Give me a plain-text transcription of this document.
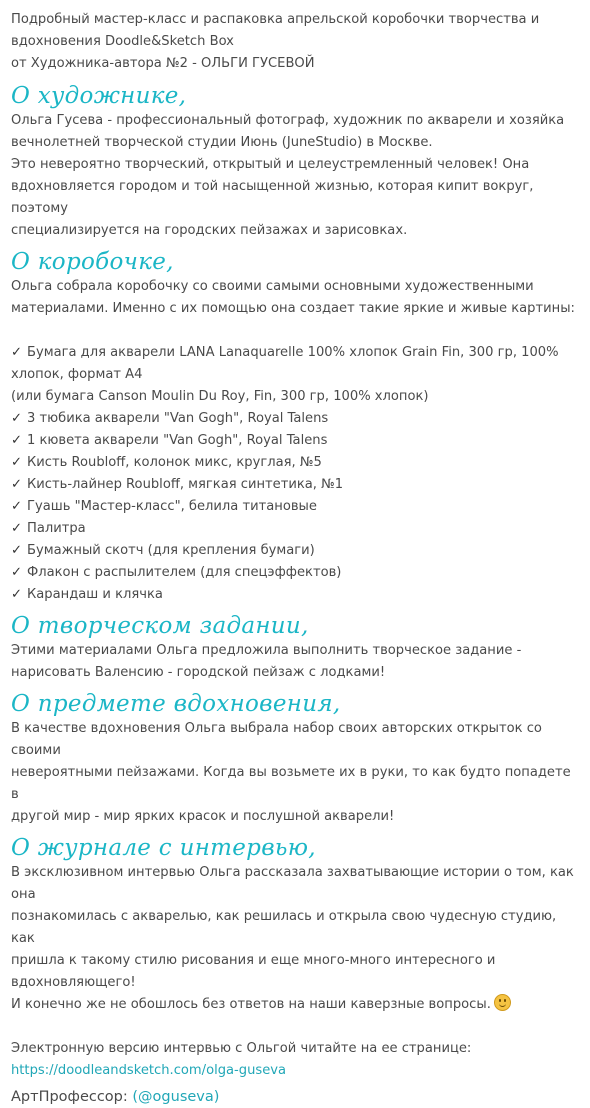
Подробный мастер-класс и распаковка апрельской коробочки творчества и

вдохновения Doodle&Sketch Box

от Художника-автора №2 - ОЛЬГИ ГУСЕВОЙ

О художнике,

Ольга Гусева - профессиональный фотограф, художник по акварели и хозяйка

вечнолетней творческой студии Июнь (JuneStudio) в Москве.

Это невероятно творческий, открытый и целеустремленный человек! Она

вдохновляется городом и той насыщенной жизнью, которая кипит вокруг, поэтому

специализируется на городских пейзажах и зарисовках.

О коробочке,

Ольга собрала коробочку со своими самыми основными художественными

материалами. Именно с их помощью она создает такие яркие и живые картины:

✓ Бумага для акварели LANA Lanaquarelle 100% хлопок Grain Fin, 300 гр, 100%

хлопок, формат А4

(или бумага Canson Moulin Du Roy, Fin, 300 гр, 100% хлопок)

✓ 3 тюбика акварели "Van Gogh", Royal Talens

✓ 1 кювета акварели "Van Gogh", Royal Talens

✓ Кисть Roubloff, колонок микс, круглая, №5

✓ Кисть-лайнер Roubloff, мягкая синтетика, №1

✓ Гуашь "Мастер-класс", белила титановые

✓ Палитра

✓ Бумажный скотч (для крепления бумаги)

✓ Флакон с распылителем (для спецэффектов)

✓ Карандаш и клячка

О творческом задании,

Этими материалами Ольга предложила выполнить творческое задание -

нарисовать Валенсию - городской пейзаж с лодками!

О предмете вдохновения,

В качестве вдохновения Ольга выбрала набор своих авторских открыток со своими

невероятными пейзажами. Когда вы возьмете их в руки, то как будто попадете в

другой мир - мир ярких красок и послушной акварели!

О журнале с интервью,

В эксклюзивном интервью Ольга рассказала захватывающие истории о том, как она

познакомилась с акварелью, как решилась и открыла свою чудесную студию, как

пришла к такому стилю рисования и еще много-много интересного и

вдохновляющего!

И конечно же не обошлось без ответов на наши каверзные вопросы.

Электронную версию интервью с Ольгой читайте на ее странице:

https://doodleandsketch.com/olga-guseva

АртПрофессор: (@oguseva)
